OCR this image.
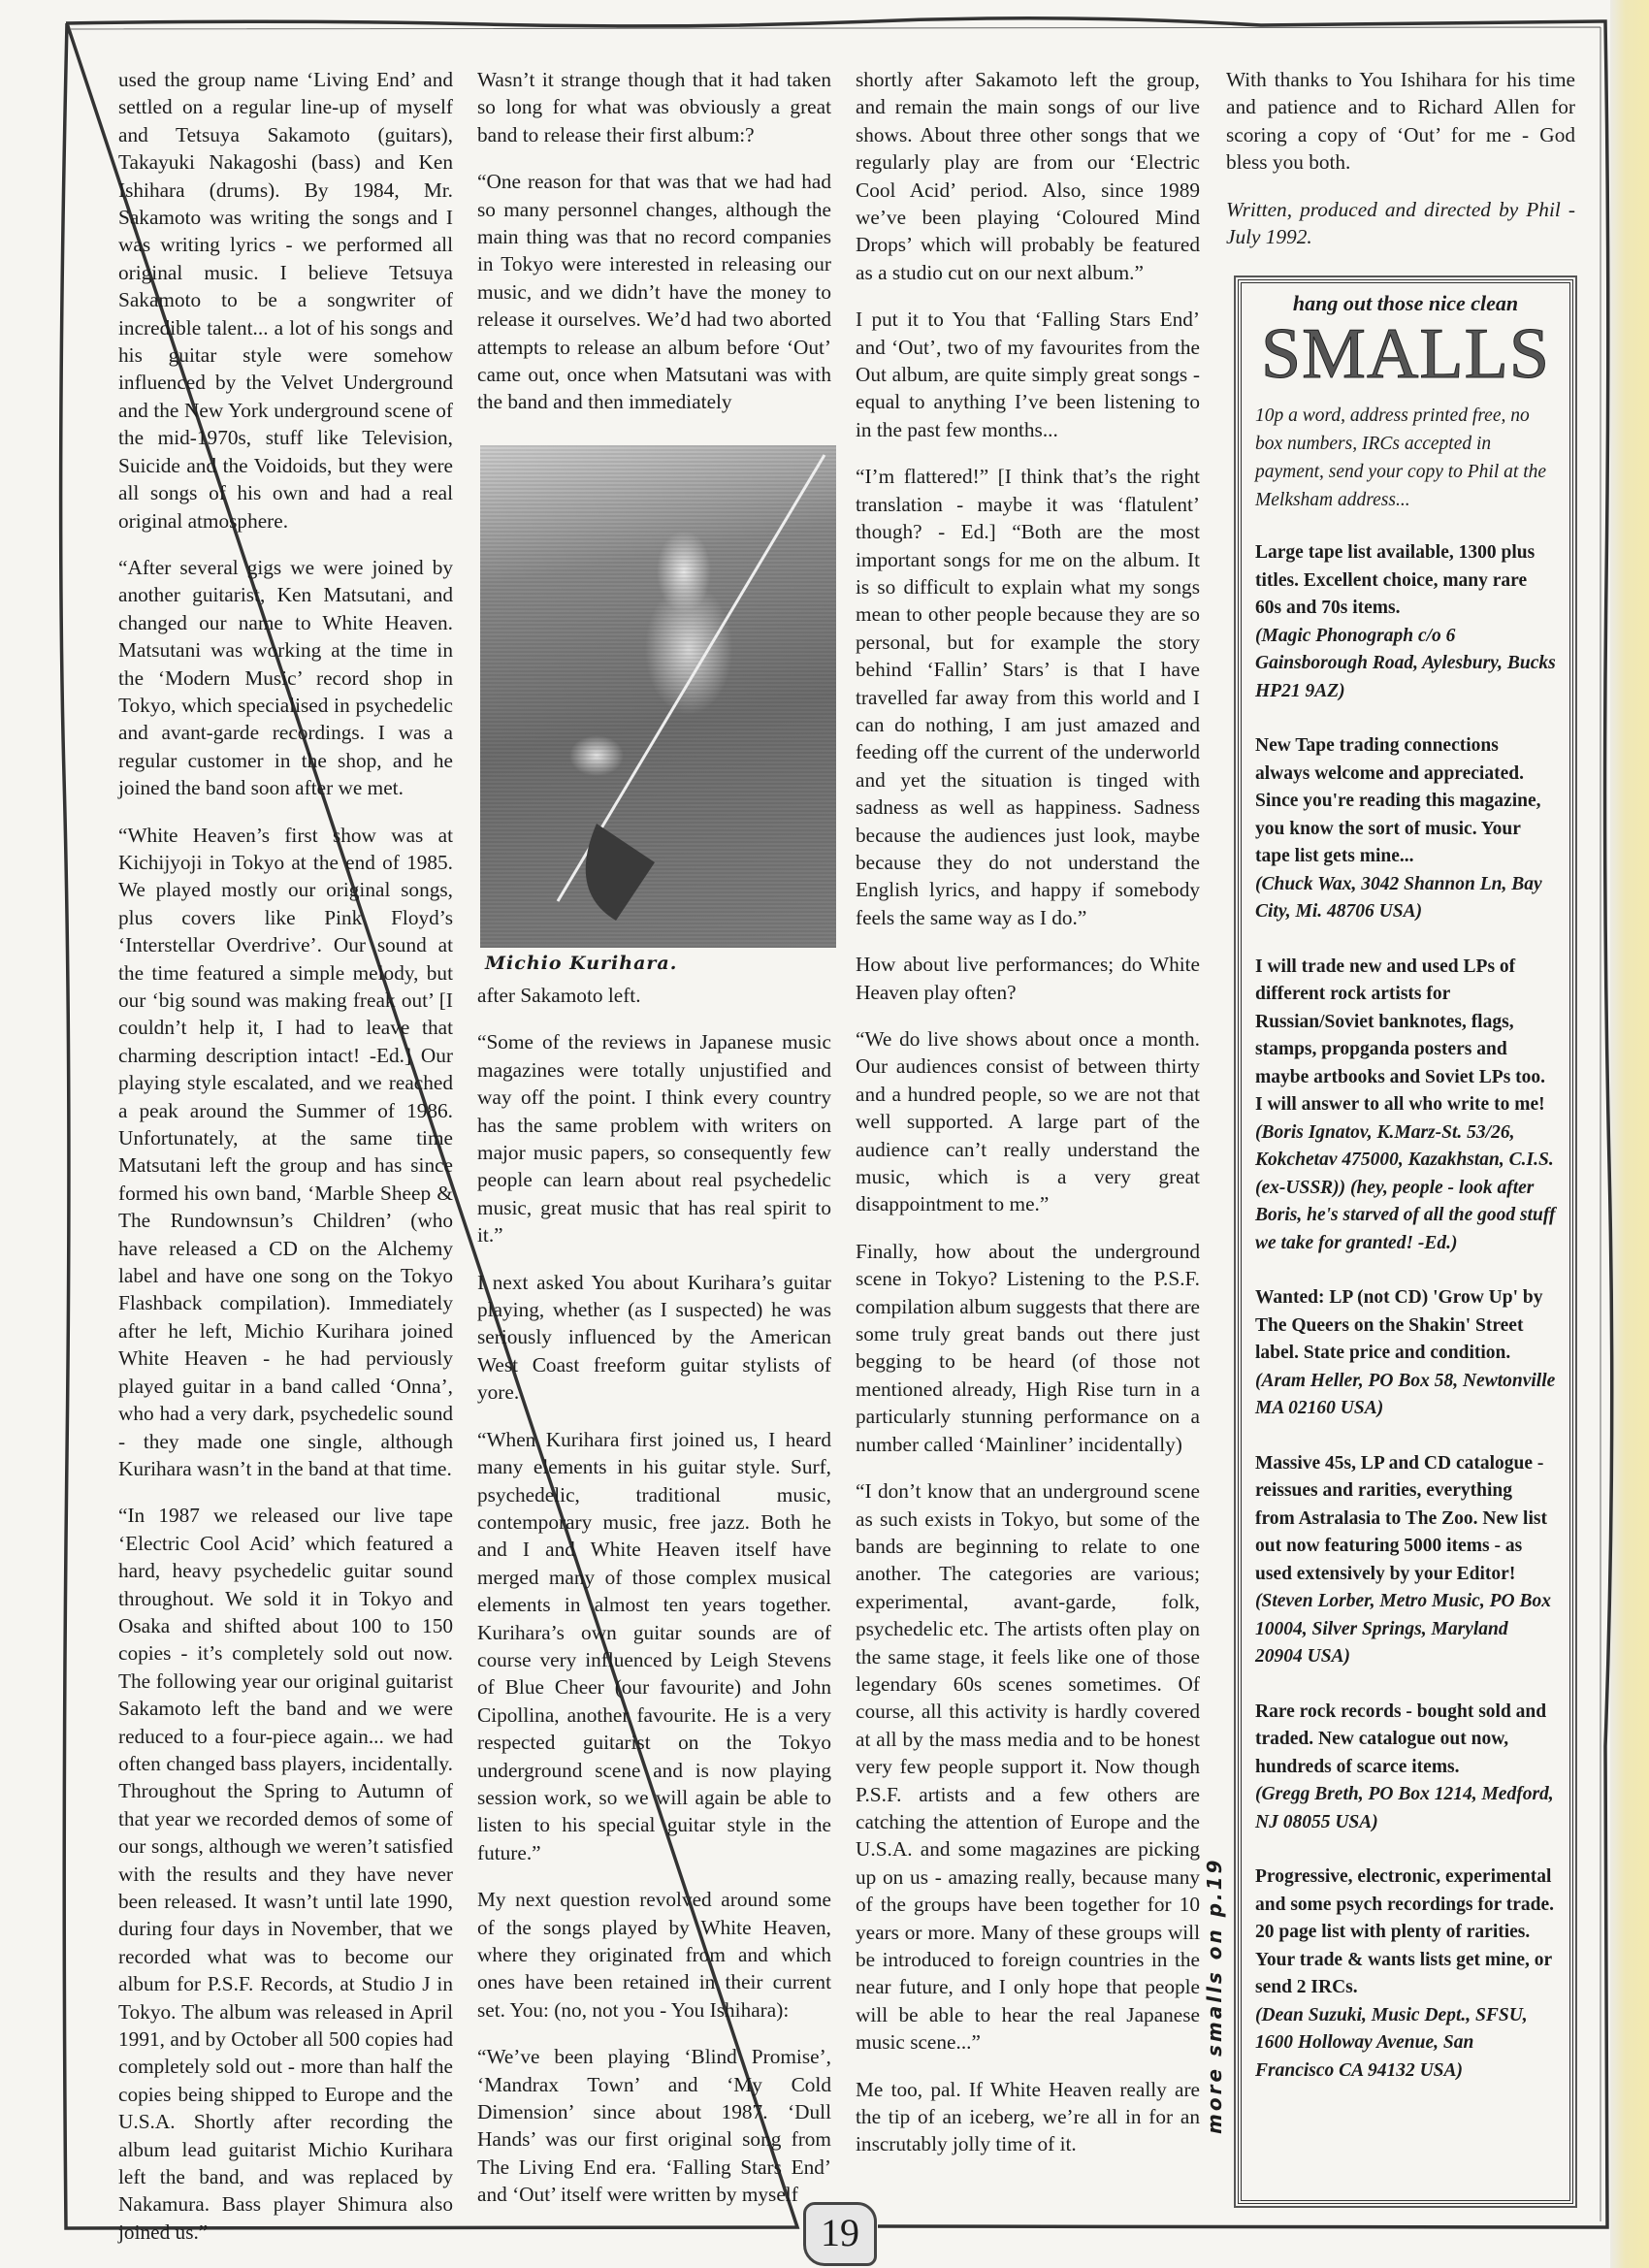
used the group name ‘Living End’ and settled on a regular line-up of myself and Tetsuya Sakamoto (guitars), Takayuki Nakagoshi (bass) and Ken Ishihara (drums). By 1984, Mr. Sakamoto was writing the songs and I was writing lyrics - we performed all original music. I believe Tetsuya Sakamoto to be a songwriter of incredible talent... a lot of his songs and his guitar style were somehow influenced by the Velvet Underground and the New York underground scene of the mid-1970s, stuff like Television, Suicide and the Voidoids, but they were all songs of his own and had a real original atmosphere.

“After several gigs we were joined by another guitarist, Ken Matsutani, and changed our name to White Heaven. Matsutani was working at the time in the ‘Modern Music’ record shop in Tokyo, which specialised in psychedelic and avant-garde recordings. I was a regular customer in the shop, and he joined the band soon after we met.

“White Heaven’s first show was at Kichijyoji in Tokyo at the end of 1985. We played mostly our original songs, plus covers like Pink Floyd’s ‘Interstellar Overdrive’. Our sound at the time featured a simple melody, but our ‘big sound was making freak out’ [I couldn’t help it, I had to leave that charming description intact! -Ed.] Our playing style escalated, and we reached a peak around the Summer of 1986. Unfortunately, at the same time Matsutani left the group and has since formed his own band, ‘Marble Sheep & The Rundownsun’s Children’ (who have released a CD on the Alchemy label and have one song on the Tokyo Flashback compilation). Immediately after he left, Michio Kurihara joined White Heaven - he had perviously played guitar in a band called ‘Onna’, who had a very dark, psychedelic sound - they made one single, although Kurihara wasn’t in the band at that time.

“In 1987 we released our live tape ‘Electric Cool Acid’ which featured a hard, heavy psychedelic guitar sound throughout. We sold it in Tokyo and Osaka and shifted about 100 to 150 copies - it’s completely sold out now. The following year our original guitarist Sakamoto left the band and we were reduced to a four-piece again... we had often changed bass players, incidentally. Throughout the Spring to Autumn of that year we recorded demos of some of our songs, although we weren’t satisfied with the results and they have never been released. It wasn’t until late 1990, during four days in November, that we recorded what was to become our album for P.S.F. Records, at Studio J in Tokyo. The album was released in April 1991, and by October all 500 copies had completely sold out - more than half the copies being shipped to Europe and the U.S.A. Shortly after recording the album lead guitarist Michio Kurihara left the band, and was replaced by Nakamura. Bass player Shimura also joined us.”

Wasn’t it strange though that it had taken so long for what was obviously a great band to release their first album:?

“One reason for that was that we had had so many personnel changes, although the main thing was that no record companies in Tokyo were interested in releasing our music, and we didn’t have the money to release it ourselves. We’d had two aborted attempts to release an album before ‘Out’ came out, once when Matsutani was with the band and then immediately

Michio Kurihara.

after Sakamoto left.

“Some of the reviews in Japanese music magazines were totally unjustified and way off the point. I think every country has the same problem with writers on major music papers, so consequently few people can learn about real psychedelic music, great music that has real spirit to it.”

I next asked You about Kurihara’s guitar playing, whether (as I suspected) he was seriously influenced by the American West Coast freeform guitar stylists of yore.

“When Kurihara first joined us, I heard many elements in his guitar style. Surf, psychedelic, traditional music, contemporary music, free jazz. Both he and I and White Heaven itself have merged many of those complex musical elements in almost ten years together. Kurihara’s own guitar sounds are of course very influenced by Leigh Stevens of Blue Cheer (our favourite) and John Cipollina, another favourite. He is a very respected guitarist on the Tokyo underground scene and is now playing session work, so we will again be able to listen to his special guitar style in the future.”

My next question revolved around some of the songs played by White Heaven, where they originated from and which ones have been retained in their current set. You: (no, not you - You Ishihara):

“We’ve been playing ‘Blind Promise’, ‘Mandrax Town’ and ‘My Cold Dimension’ since about 1987. ‘Dull Hands’ was our first original song from The Living End era. ‘Falling Stars End’ and ‘Out’ itself were written by myself

shortly after Sakamoto left the group, and remain the main songs of our live shows. About three other songs that we regularly play are from our ‘Electric Cool Acid’ period. Also, since 1989 we’ve been playing ‘Coloured Mind Drops’ which will probably be featured as a studio cut on our next album.”

I put it to You that ‘Falling Stars End’ and ‘Out’, two of my favourites from the Out album, are quite simply great songs - equal to anything I’ve been listening to in the past few months...

“I’m flattered!” [I think that’s the right translation - maybe it was ‘flatulent’ though? - Ed.] “Both are the most important songs for me on the album. It is so difficult to explain what my songs mean to other people because they are so personal, but for example the story behind ‘Fallin’ Stars’ is that I have travelled far away from this world and I can do nothing, I am just amazed and feeding off the current of the underworld and yet the situation is tinged with sadness as well as happiness. Sadness because the audiences just look, maybe because they do not understand the English lyrics, and happy if somebody feels the same way as I do.”

How about live performances; do White Heaven play often?

“We do live shows about once a month. Our audiences consist of between thirty and a hundred people, so we are not that well supported. A large part of the audience can’t really understand the music, which is a very great disappointment to me.”

Finally, how about the underground scene in Tokyo? Listening to the P.S.F. compilation album suggests that there are some truly great bands out there just begging to be heard (of those not mentioned already, High Rise turn in a particularly stunning performance on a number called ‘Mainliner’ incidentally)

“I don’t know that an underground scene as such exists in Tokyo, but some of the bands are beginning to relate to one another. The categories are various; experimental, avant-garde, folk, psychedelic etc. The artists often play on the same stage, it feels like one of those legendary 60s scenes sometimes. Of course, all this activity is hardly covered at all by the mass media and to be honest very few people support it. Now though P.S.F. artists and a few others are catching the attention of Europe and the U.S.A. and some magazines are picking up on us - amazing really, because many of the groups have been together for 10 years or more. Many of these groups will be introduced to foreign countries in the near future, and I only hope that people will be able to hear the real Japanese music scene...”

Me too, pal. If White Heaven really are the tip of an iceberg, we’re all in for an inscrutably jolly time of it.

With thanks to You Ishihara for his time and patience and to Richard Allen for scoring a copy of ‘Out’ for me - God bless you both.

Written, produced and directed by Phil - July 1992.

hang out those nice clean
SMALLS
10p a word, address printed free, no box numbers, IRCs accepted in payment, send your copy to Phil at the Melksham address...
Large tape list available, 1300 plus titles. Excellent choice, many rare 60s and 70s items.
(Magic Phonograph c/o 6 Gainsborough Road, Aylesbury, Bucks HP21 9AZ)
New Tape trading connections always welcome and appreciated. Since you're reading this magazine, you know the sort of music. Your tape list gets mine...
(Chuck Wax, 3042 Shannon Ln, Bay City, Mi. 48706 USA)
I will trade new and used LPs of different rock artists for Russian/Soviet banknotes, flags, stamps, propganda posters and maybe artbooks and Soviet LPs too. I will answer to all who write to me!
(Boris Ignatov, K.Marz-St. 53/26, Kokchetav 475000, Kazakhstan, C.I.S. (ex-USSR)) (hey, people - look after Boris, he's starved of all the good stuff we take for granted! -Ed.)
Wanted: LP (not CD) 'Grow Up' by The Queers on the Shakin' Street label. State price and condition.
(Aram Heller, PO Box 58, Newtonville MA 02160 USA)
Massive 45s, LP and CD catalogue - reissues and rarities, everything from Astralasia to The Zoo. New list out now featuring 5000 items - as used extensively by your Editor!
(Steven Lorber, Metro Music, PO Box 10004, Silver Springs, Maryland 20904 USA)
Rare rock records - bought sold and traded. New catalogue out now, hundreds of scarce items.
(Gregg Breth, PO Box 1214, Medford, NJ 08055 USA)
Progressive, electronic, experimental and some psych recordings for trade. 20 page list with plenty of rarities. Your trade & wants lists get mine, or send 2 IRCs.
(Dean Suzuki, Music Dept., SFSU, 1600 Holloway Avenue, San Francisco CA 94132 USA)
more smalls on p.19
19
